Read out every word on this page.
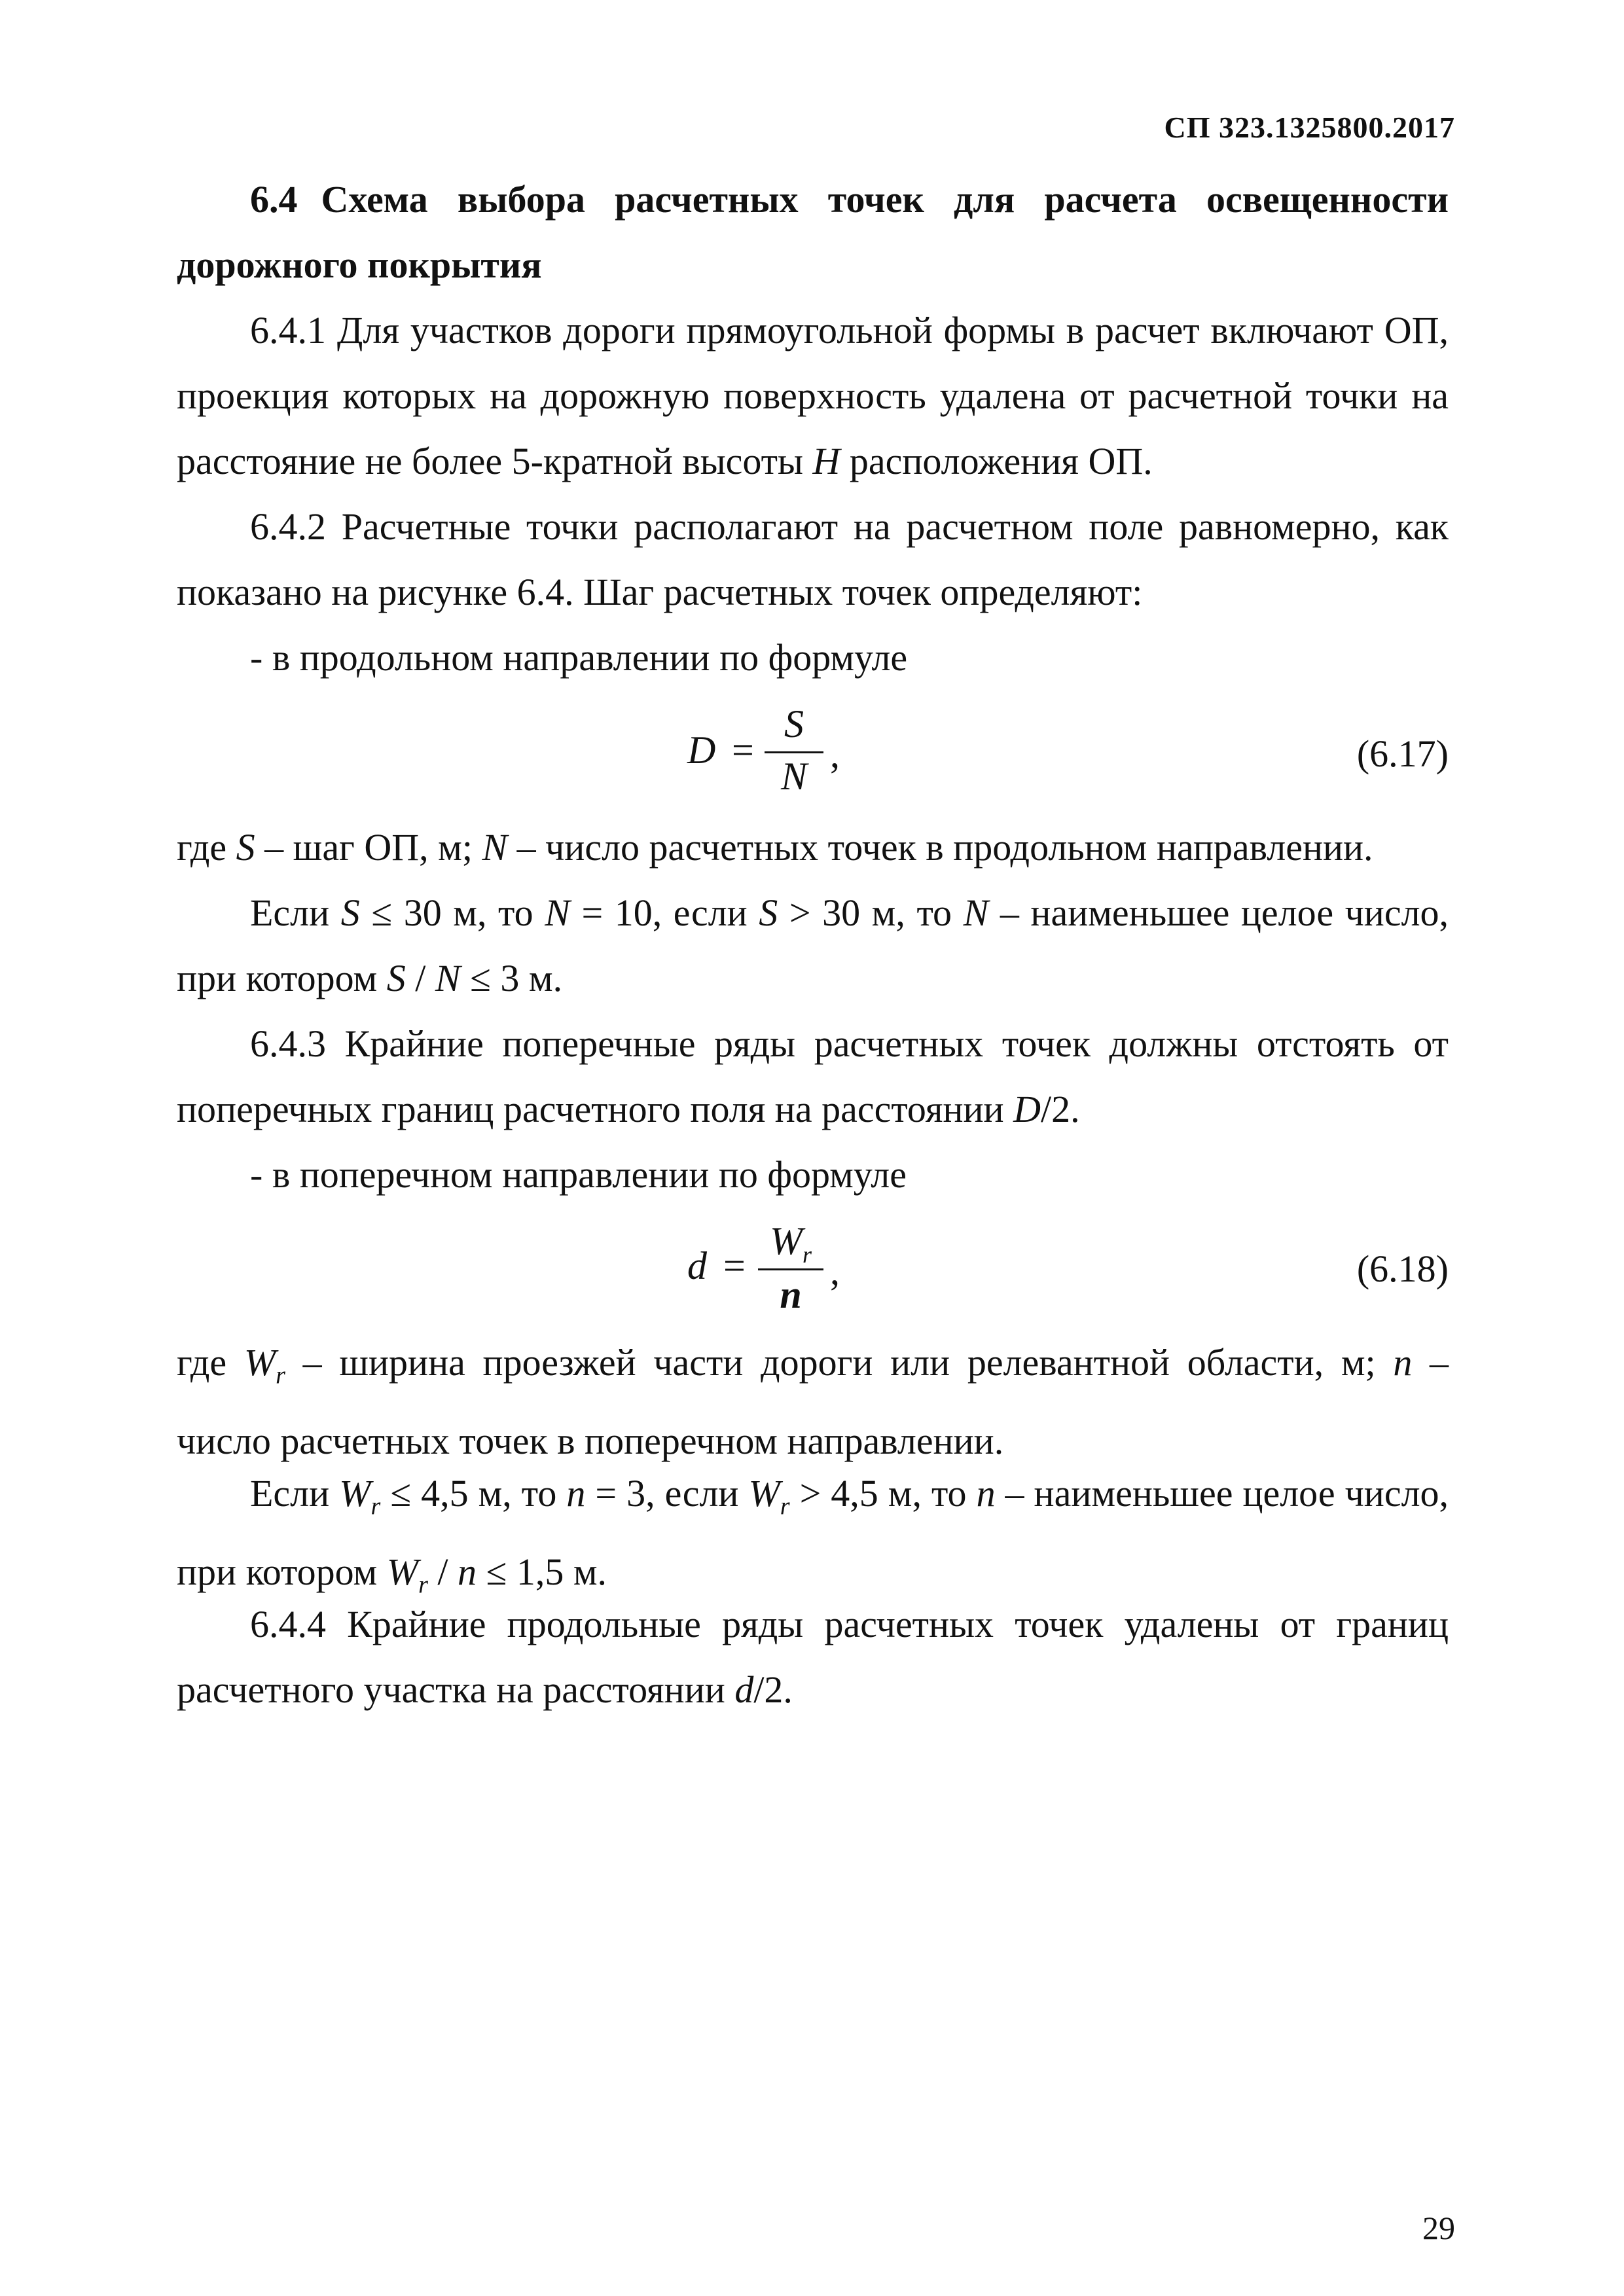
СП 323.1325800.2017
6.4 Схема выбора расчетных точек для расчета освещенности дорожного покрытия
6.4.1 Для участков дороги прямоугольной формы в расчет включают ОП, проекция которых на дорожную поверхность удалена от расчетной точки на расстояние не более 5-кратной высоты H расположения ОП.
6.4.2 Расчетные точки располагают на расчетном поле равномерно, как показано на рисунке 6.4. Шаг расчетных точек определяют:
- в продольном направлении по формуле
D =
S
N
,	(6.17)
где S – шаг ОП, м; N – число расчетных точек в продольном направлении.
Если S ≤ 30 м, то N = 10, если S > 30 м, то N – наименьшее целое число, при котором S / N ≤ 3 м.
6.4.3 Крайние поперечные ряды расчетных точек должны отстоять от поперечных границ расчетного поля на расстоянии D/2.
- в поперечном направлении по формуле
d =
$W_r$
n
,	(6.18)
где $W_r$ – ширина проезжей части дороги или релевантной области, м; n – число расчетных точек в поперечном направлении.
Если $W_r \le 4,5$ м, то n = 3, если $W_r > 4,5$ м, то n – наименьшее целое число, при котором $W_r / n \le 1,5$ м.
6.4.4 Крайние продольные ряды расчетных точек удалены от границ расчетного участка на расстоянии d/2.
29
